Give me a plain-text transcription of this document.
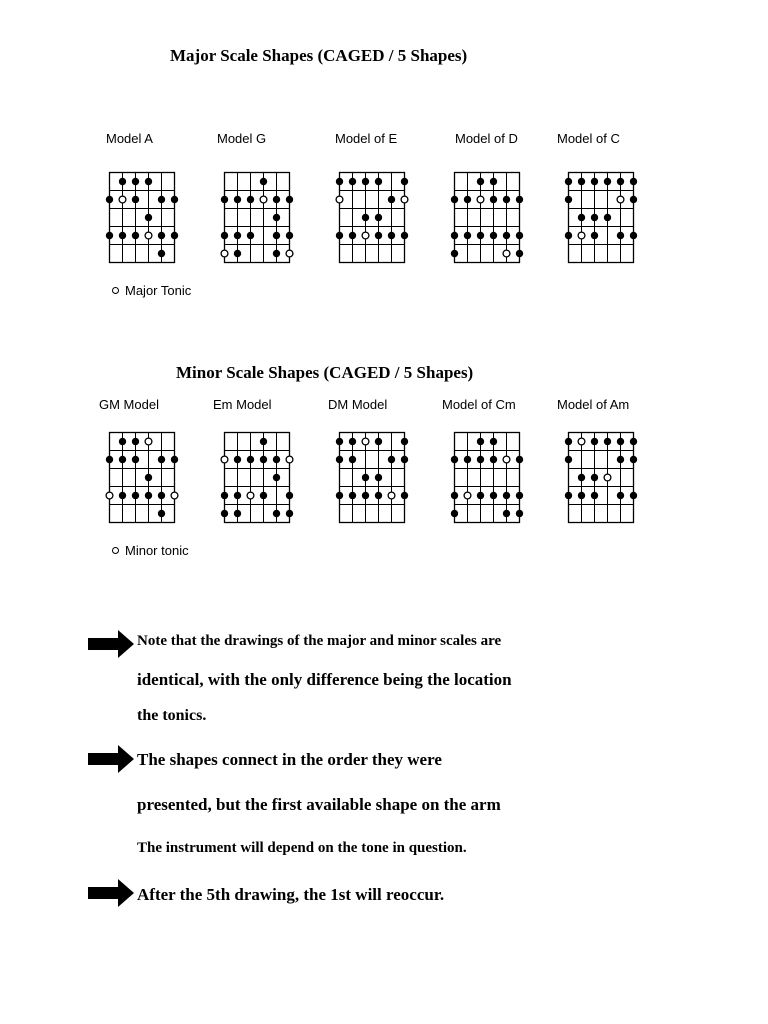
Major Scale Shapes (CAGED / 5 Shapes)
Model A	Model G	Model of E	Model of D	Model of C
Major Tonic
Minor Scale Shapes (CAGED / 5 Shapes)
GM Model	Em Model	DM Model	Model of Cm	Model of Am
Minor tonic
Note that the drawings of the major and minor scales are
identical, with the only difference being the location
the tonics.
The shapes connect in the order they were
presented, but the first available shape on the arm
The instrument will depend on the tone in question.
After the 5th drawing, the 1st will reoccur.
